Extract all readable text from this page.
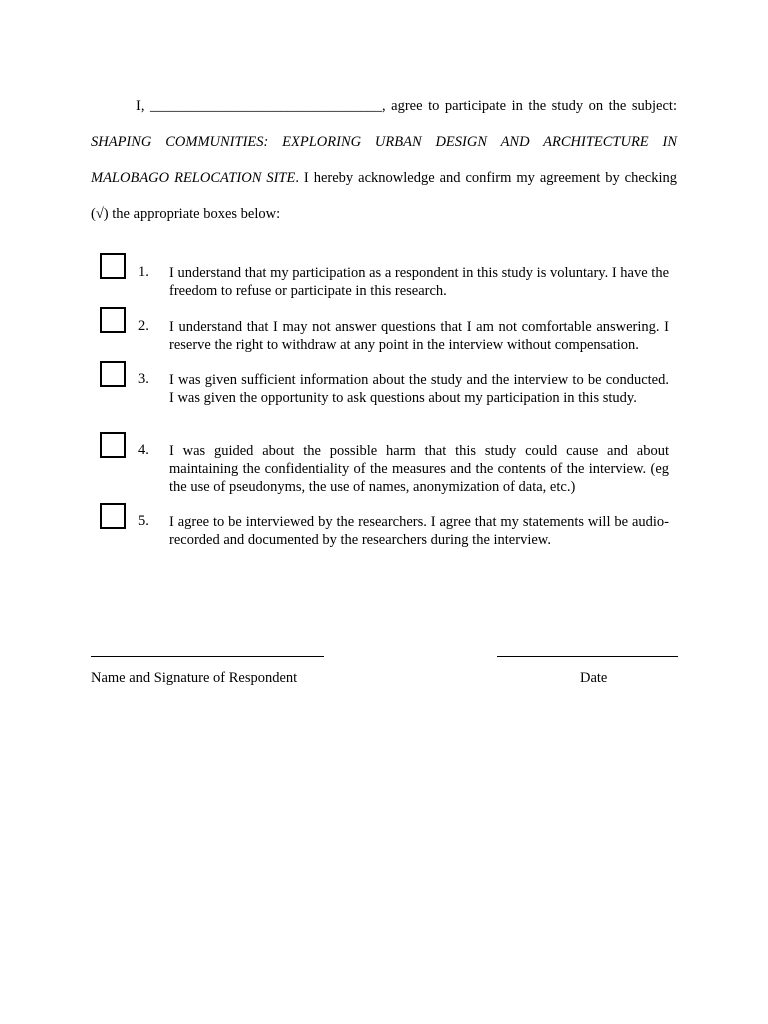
I, ________________________________, agree to participate in the study on the subject: SHAPING COMMUNITIES: EXPLORING URBAN DESIGN AND ARCHITECTURE IN MALOBAGO RELOCATION SITE. I hereby acknowledge and confirm my agreement by checking (√) the appropriate boxes below:

1.	I understand that my participation as a respondent in this study is voluntary. I have the freedom to refuse or participate in this research.
2.	I understand that I may not answer questions that I am not comfortable answering. I reserve the right to withdraw at any point in the interview without compensation.
3.	I was given sufficient information about the study and the interview to be conducted. I was given the opportunity to ask questions about my participation in this study.
4.	I was guided about the possible harm that this study could cause and about maintaining the confidentiality of the measures and the contents of the interview. (eg the use of pseudonyms, the use of names, anonymization of data, etc.)
5.	I agree to be interviewed by the researchers. I agree that my statements will be audio-recorded and documented by the researchers during the interview.
Name and Signature of Respondent	Date
